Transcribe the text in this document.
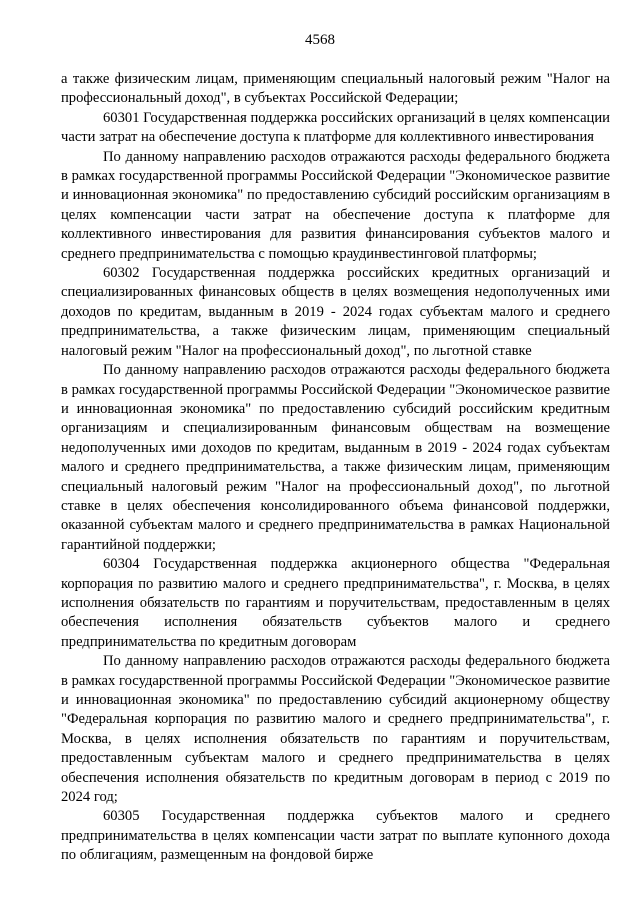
4568

а также физическим лицам, применяющим специальный налоговый режим "Налог на профессиональный доход", в субъектах Российской Федерации;

60301 Государственная поддержка российских организаций в целях компенсации части затрат на обеспечение доступа к платформе для коллективного инвестирования

По данному направлению расходов отражаются расходы федерального бюджета в рамках государственной программы Российской Федерации "Экономическое развитие и инновационная экономика" по предоставлению субсидий российским организациям в целях компенсации части затрат на обеспечение доступа к платформе для коллективного инвестирования для развития финансирования субъектов малого и среднего предпринимательства с помощью краудинвестинговой платформы;

60302 Государственная поддержка российских кредитных организаций и специализированных финансовых обществ в целях возмещения недополученных ими доходов по кредитам, выданным в 2019 - 2024 годах субъектам малого и среднего предпринимательства, а также физическим лицам, применяющим специальный налоговый режим "Налог на профессиональный доход", по льготной ставке

По данному направлению расходов отражаются расходы федерального бюджета в рамках государственной программы Российской Федерации "Экономическое развитие и инновационная экономика" по предоставлению субсидий российским кредитным организациям и специализированным финансовым обществам на возмещение недополученных ими доходов по кредитам, выданным в 2019 - 2024 годах субъектам малого и среднего предпринимательства, а также физическим лицам, применяющим специальный налоговый режим "Налог на профессиональный доход", по льготной ставке в целях обеспечения консолидированного объема финансовой поддержки, оказанной субъектам малого и среднего предпринимательства в рамках Национальной гарантийной поддержки;

60304 Государственная поддержка акционерного общества "Федеральная корпорация по развитию малого и среднего предпринимательства", г. Москва, в целях исполнения обязательств по гарантиям и поручительствам, предоставленным в целях обеспечения исполнения обязательств субъектов малого и среднего предпринимательства по кредитным договорам

По данному направлению расходов отражаются расходы федерального бюджета в рамках государственной программы Российской Федерации "Экономическое развитие и инновационная экономика" по предоставлению субсидий акционерному обществу "Федеральная корпорация по развитию малого и среднего предпринимательства", г. Москва, в целях исполнения обязательств по гарантиям и поручительствам, предоставленным субъектам малого и среднего предпринимательства в целях обеспечения исполнения обязательств по кредитным договорам в период с 2019 по 2024 год;

60305 Государственная поддержка субъектов малого и среднего предпринимательства в целях компенсации части затрат по выплате купонного дохода по облигациям, размещенным на фондовой бирже
